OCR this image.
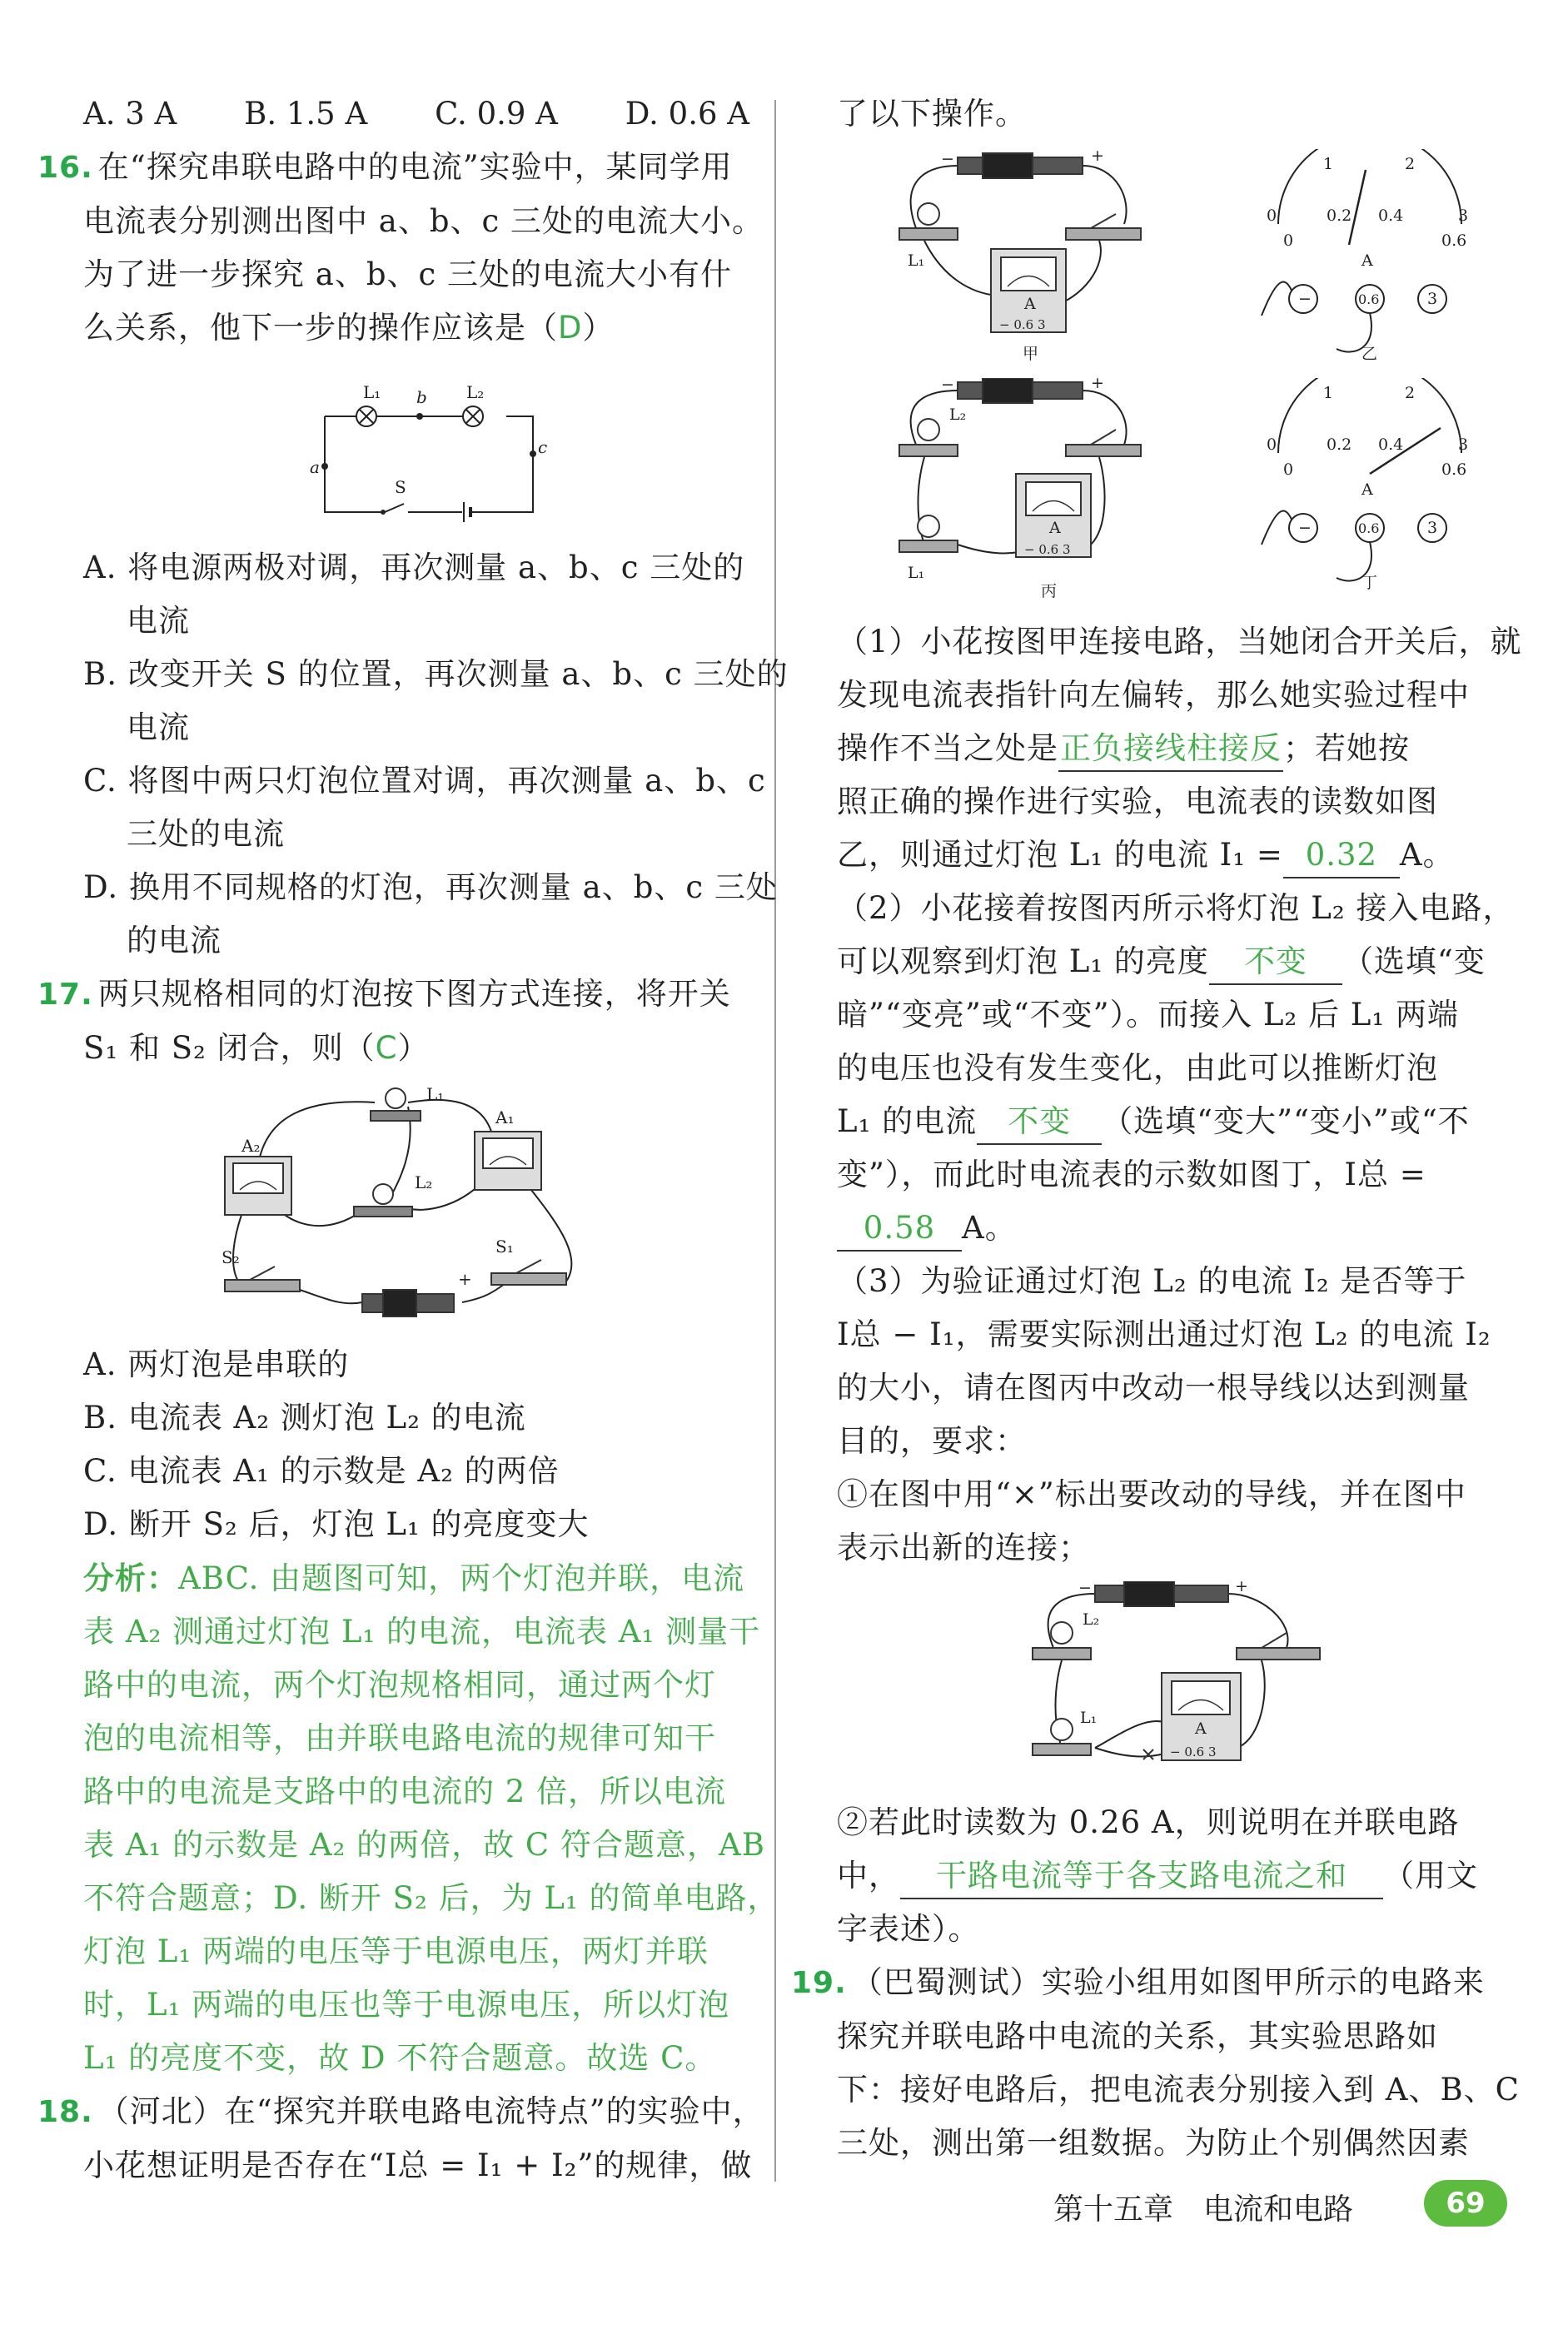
A. 3 A B. 1.5 A C. 0.9 A D. 0.6 A
16. 在“探究串联电路中的电流”实验中，某同学用
电流表分别测出图中 a、b、c 三处的电流大小。
为了进一步探究 a、b、c 三处的电流大小有什
么关系，他下一步的操作应该是（D）
L₁ b L₂
a
c
S
A. 将电源两极对调，再次测量 a、b、c 三处的
电流
B. 改变开关 S 的位置，再次测量 a、b、c 三处的
电流
C. 将图中两只灯泡位置对调，再次测量 a、b、c
三处的电流
D. 换用不同规格的灯泡，再次测量 a、b、c 三处
的电流
17. 两只规格相同的灯泡按下图方式连接，将开关
S₁ 和 S₂ 闭合，则（C）
A₂
A₁
L₁
L₂
S₂
S₁
+
A. 两灯泡是串联的
B. 电流表 A₂ 测灯泡 L₂ 的电流
C. 电流表 A₁ 的示数是 A₂ 的两倍
D. 断开 S₂ 后，灯泡 L₁ 的亮度变大
分析：ABC. 由题图可知，两个灯泡并联，电流
表 A₂ 测通过灯泡 L₁ 的电流，电流表 A₁ 测量干
路中的电流，两个灯泡规格相同，通过两个灯
泡的电流相等，由并联电路电流的规律可知干
路中的电流是支路中的电流的 2 倍，所以电流
表 A₁ 的示数是 A₂ 的两倍，故 C 符合题意，AB
不符合题意；D. 断开 S₂ 后，为 L₁ 的简单电路，
灯泡 L₁ 两端的电压等于电源电压，两灯并联
时，L₁ 两端的电压也等于电源电压，所以灯泡
L₁ 的亮度不变，故 D 不符合题意。故选 C。
18. （河北）在“探究并联电路电流特点”的实验中，
小花想证明是否存在“I总 = I₁ + I₂”的规律，做
了以下操作。
−	+
L₁
A
− 0.6 3
甲
1	2
0	0.2 0.4	3
0	0.6
A
−	0.6	3
乙
−	+
L₂
L₁
A
− 0.6 3
丙
1	2
0	0.2 0.4	3
0	0.6
A
−	0.6	3
丁
（1）小花按图甲连接电路，当她闭合开关后，就
发现电流表指针向左偏转，那么她实验过程中
操作不当之处是正负接线柱接反；若她按
照正确的操作进行实验，电流表的读数如图
乙，则通过灯泡 L₁ 的电流 I₁ = 0.32 A。
（2）小花接着按图丙所示将灯泡 L₂ 接入电路，
可以观察到灯泡 L₁ 的亮度 不变 （选填“变
暗”“变亮”或“不变”）。而接入 L₂ 后 L₁ 两端
的电压也没有发生变化，由此可以推断灯泡
L₁ 的电流 不变 （选填“变大”“变小”或“不
变”），而此时电流表的示数如图丁，I总 =
0.58 A。
（3）为验证通过灯泡 L₂ 的电流 I₂ 是否等于
I总 − I₁，需要实际测出通过灯泡 L₂ 的电流 I₂
的大小，请在图丙中改动一根导线以达到测量
目的，要求：
①在图中用“×”标出要改动的导线，并在图中
表示出新的连接；
−	+
L₂
L₁
A
− 0.6 3
②若此时读数为 0.26 A，则说明在并联电路
中， 干路电流等于各支路电流之和 （用文
字表述）。
19. （巴蜀测试）实验小组用如图甲所示的电路来
探究并联电路中电流的关系，其实验思路如
下：接好电路后，把电流表分别接入到 A、B、C
三处，测出第一组数据。为防止个别偶然因素
第十五章　电流和电路	69
